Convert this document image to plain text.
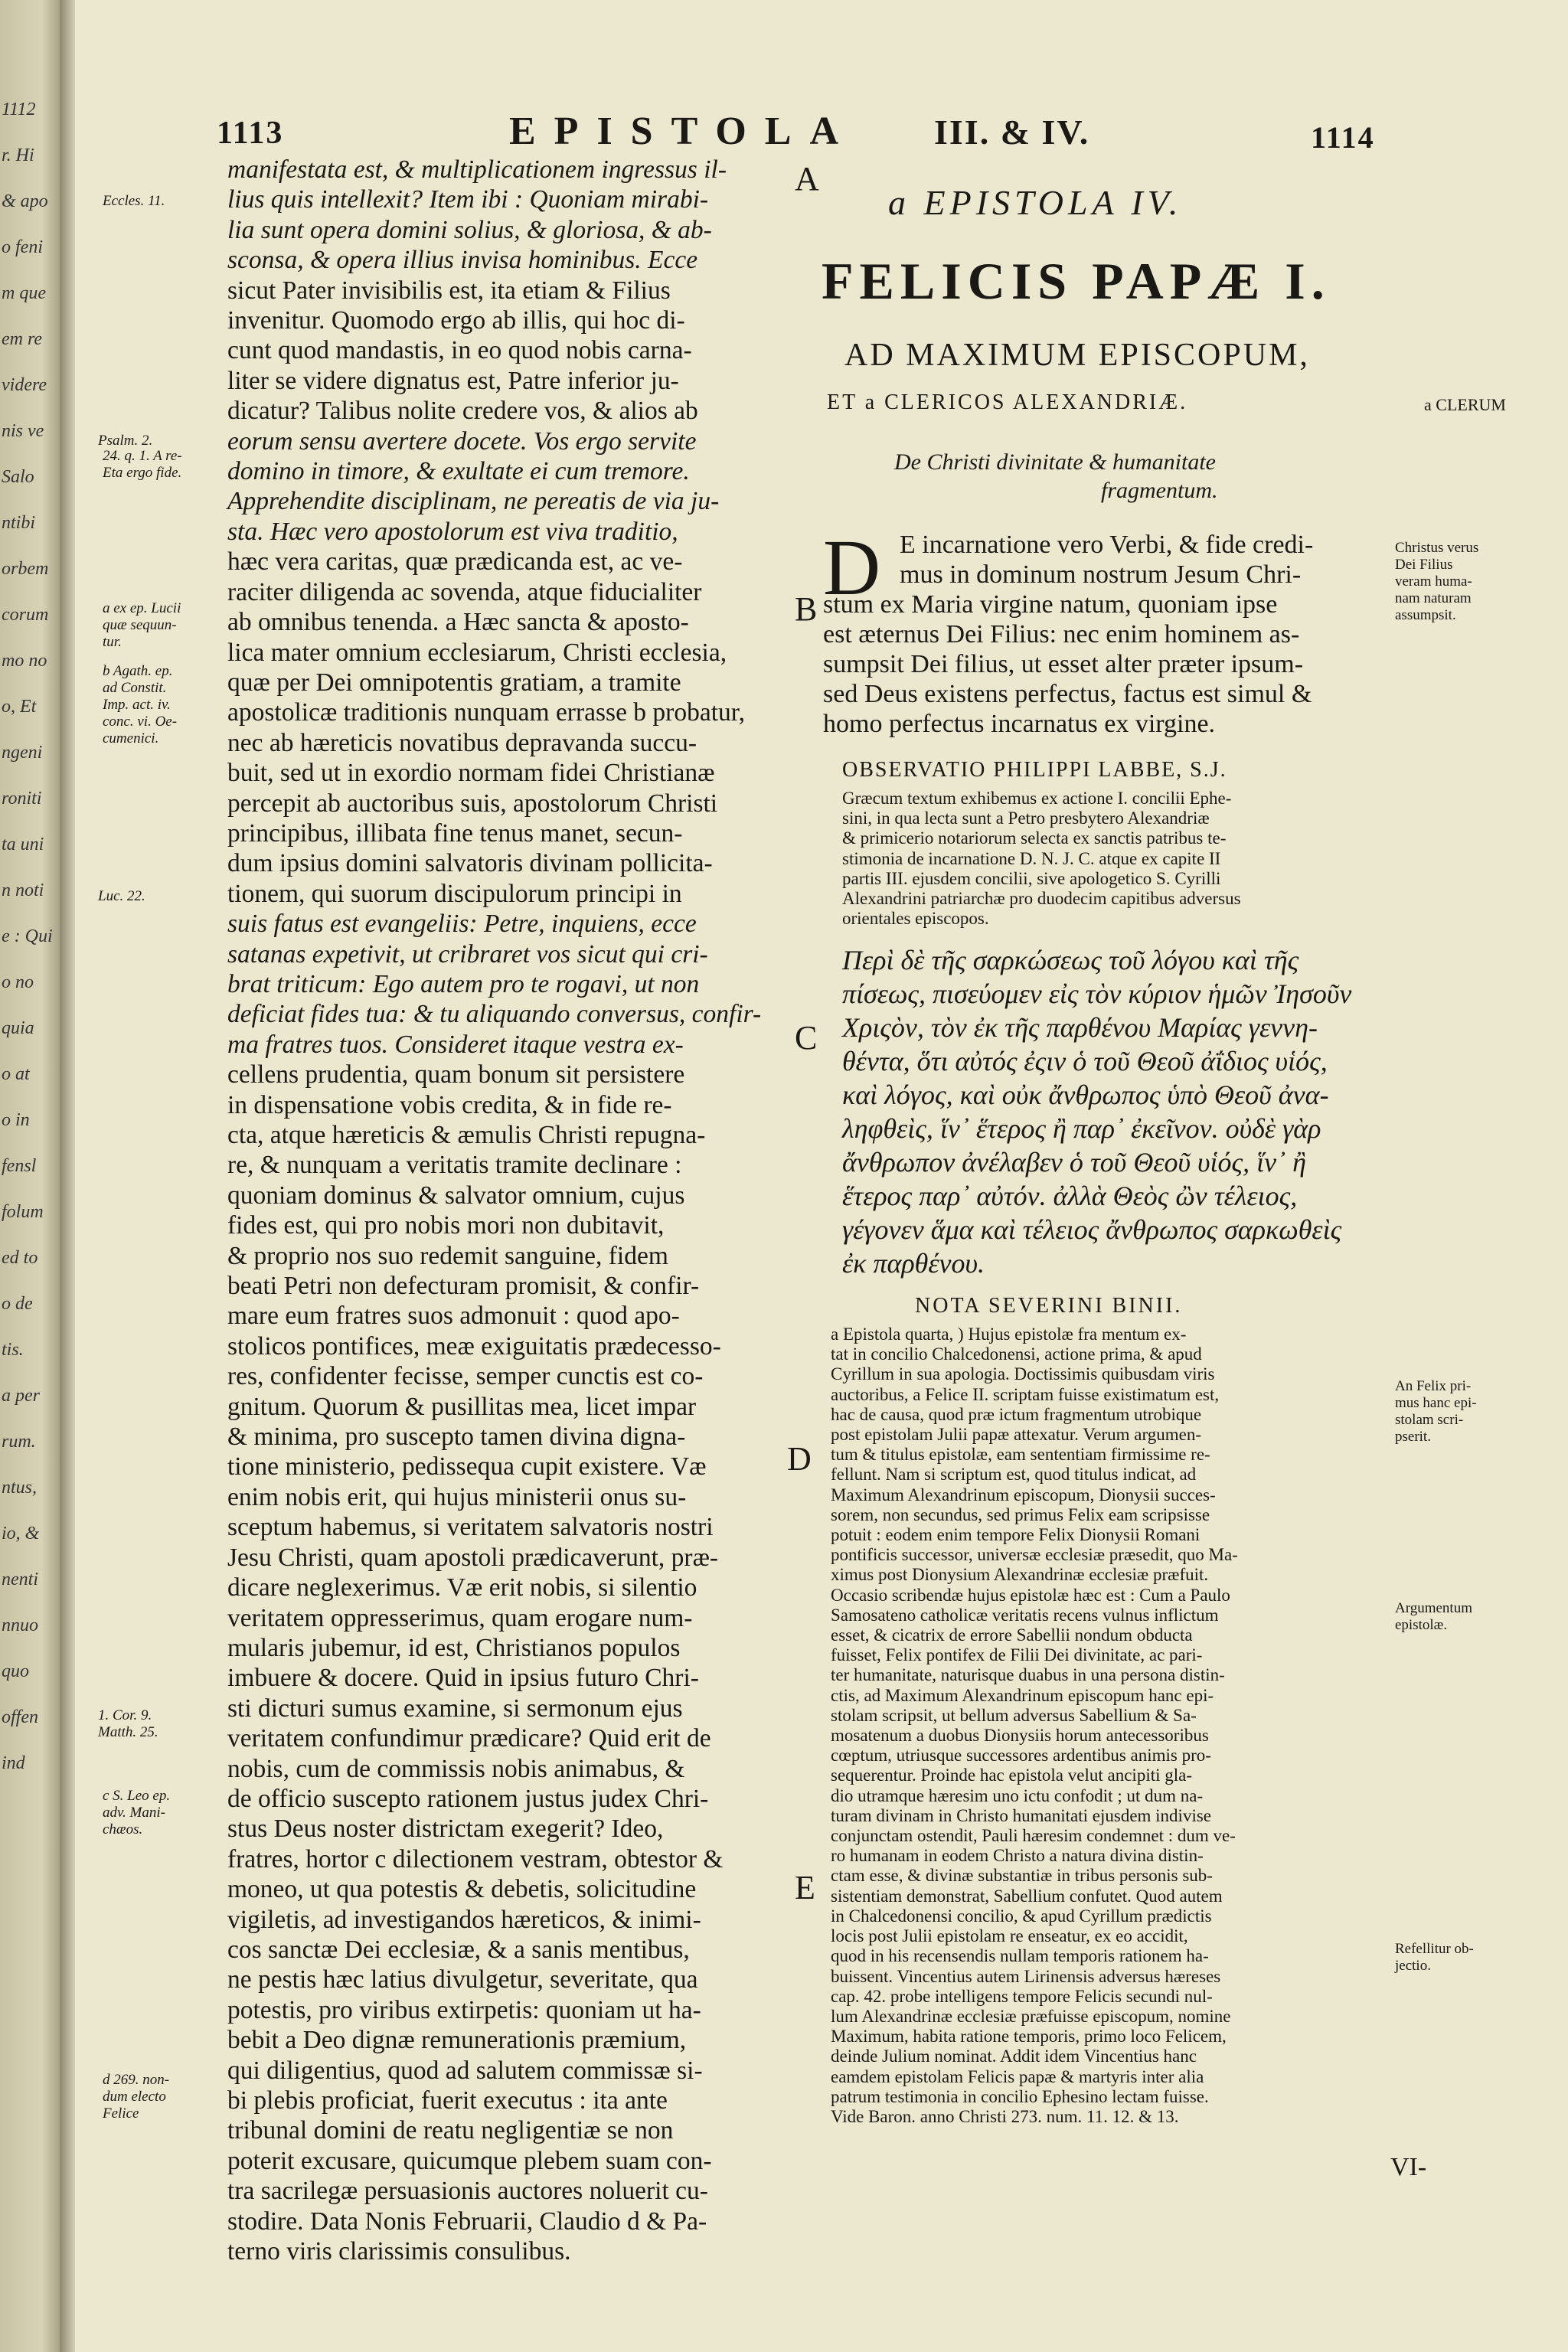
1112
r. Hi
& apo
o feni
m que
em re
videre
nis ve
Salo
ntibi
orbem
corum
mo no
o, Et
ngeni
roniti
ta uni
n noti
e : Qui
o no
quia
o at
o in
fensl
folum
ed to
o de
tis.
a per
rum.
ntus,
io, &
nenti
nnuo
quo
offen
ind
1113	EPISTOLA III. & IV.	1114
Eccles. 11.
Psalm. 2.
24. q. 1. A re-
Eta ergo fide.
a ex ep. Lucii
quæ sequun-
tur.
b Agath. ep.
ad Constit.
Imp. act. iv.
conc. vi. Oe-
cumenici.
Luc. 22.
1. Cor. 9.
Matth. 25.
c S. Leo ep.
adv. Mani-
chæos.
d 269. non-
dum electo
Felice
manifestata est, & multiplicationem ingressus il-
lius quis intellexit? Item ibi : Quoniam mirabi-
lia sunt opera domini solius, & gloriosa, & ab-
sconsa, & opera illius invisa hominibus. Ecce
sicut Pater invisibilis est, ita etiam & Filius
invenitur. Quomodo ergo ab illis, qui hoc di-
cunt quod mandastis, in eo quod nobis carna-
liter se videre dignatus est, Patre inferior ju-
dicatur? Talibus nolite credere vos, & alios ab
eorum sensu avertere docete. Vos ergo servite
domino in timore, & exultate ei cum tremore.
Apprehendite disciplinam, ne pereatis de via ju-
sta. Hæc vero apostolorum est viva traditio,
hæc vera caritas, quæ prædicanda est, ac ve-
raciter diligenda ac sovenda, atque fiducialiter
ab omnibus tenenda. a Hæc sancta & aposto-
lica mater omnium ecclesiarum, Christi ecclesia,
quæ per Dei omnipotentis gratiam, a tramite
apostolicæ traditionis nunquam errasse b probatur,
nec ab hæreticis novatibus depravanda succu-
buit, sed ut in exordio normam fidei Christianæ
percepit ab auctoribus suis, apostolorum Christi
principibus, illibata fine tenus manet, secun-
dum ipsius domini salvatoris divinam pollicita-
tionem, qui suorum discipulorum principi in
suis fatus est evangeliis: Petre, inquiens, ecce
satanas expetivit, ut cribraret vos sicut qui cri-
brat triticum: Ego autem pro te rogavi, ut non
deficiat fides tua: & tu aliquando conversus, confir-
ma fratres tuos. Consideret itaque vestra ex-
cellens prudentia, quam bonum sit persistere
in dispensatione vobis credita, & in fide re-
cta, atque hæreticis & æmulis Christi repugna-
re, & nunquam a veritatis tramite declinare :
quoniam dominus & salvator omnium, cujus
fides est, qui pro nobis mori non dubitavit,
& proprio nos suo redemit sanguine, fidem
beati Petri non defecturam promisit, & confir-
mare eum fratres suos admonuit : quod apo-
stolicos pontifices, meæ exiguitatis prædecesso-
res, confidenter fecisse, semper cunctis est co-
gnitum. Quorum & pusillitas mea, licet impar
& minima, pro suscepto tamen divina digna-
tione ministerio, pedissequa cupit existere. Væ
enim nobis erit, qui hujus ministerii onus su-
sceptum habemus, si veritatem salvatoris nostri
Jesu Christi, quam apostoli prædicaverunt, præ-
dicare neglexerimus. Væ erit nobis, si silentio
veritatem oppresserimus, quam erogare num-
mularis jubemur, id est, Christianos populos
imbuere & docere. Quid in ipsius futuro Chri-
sti dicturi sumus examine, si sermonum ejus
veritatem confundimur prædicare? Quid erit de
nobis, cum de commissis nobis animabus, &
de officio suscepto rationem justus judex Chri-
stus Deus noster districtam exegerit? Ideo,
fratres, hortor c dilectionem vestram, obtestor &
moneo, ut qua potestis & debetis, solicitudine
vigiletis, ad investigandos hæreticos, & inimi-
cos sanctæ Dei ecclesiæ, & a sanis mentibus,
ne pestis hæc latius divulgetur, severitate, qua
potestis, pro viribus extirpetis: quoniam ut ha-
bebit a Deo dignæ remunerationis præmium,
qui diligentius, quod ad salutem commissæ si-
bi plebis proficiat, fuerit executus : ita ante
tribunal domini de reatu negligentiæ se non
poterit excusare, quicumque plebem suam con-
tra sacrilegæ persuasionis auctores noluerit cu-
stodire. Data Nonis Februarii, Claudio d & Pa-
terno viris clarissimis consulibus.
A
B
C
D
E
a EPISTOLA IV.
FELICIS PAPÆ I.
AD MAXIMUM EPISCOPUM,
ET a CLERICOS ALEXANDRIÆ.	a CLERUM
De Christi divinitate & humanitate
fragmentum.
D E incarnatione vero Verbi, & fide credi-
mus in dominum nostrum Jesum Chri-
stum ex Maria virgine natum, quoniam ipse
est æternus Dei Filius: nec enim hominem as-
sumpsit Dei filius, ut esset alter præter ipsum-
sed Deus existens perfectus, factus est simul &
homo perfectus incarnatus ex virgine.
Christus verus
Dei Filius
veram huma-
nam naturam
assumpsit.
An Felix pri-
mus hanc epi-
stolam scri-
pserit.
Argumentum
epistolæ.
Refellitur ob-
jectio.
OBSERVATIO PHILIPPI LABBE, S.J.
Græcum textum exhibemus ex actione I. concilii Ephe-
sini, in qua lecta sunt a Petro presbytero Alexandriæ
& primicerio notariorum selecta ex sanctis patribus te-
stimonia de incarnatione D. N. J. C. atque ex capite II
partis III. ejusdem concilii, sive apologetico S. Cyrilli
Alexandrini patriarchæ pro duodecim capitibus adversus
orientales episcopos.
Περὶ δὲ τῆς σαρκώσεως τοῦ λόγου καὶ τῆς
πίσεως, πισεύομεν εἰς τὸν κύριον ἡμῶν Ἰησοῦν
Χριςὸν, τὸν ἐκ τῆς παρθένου Μαρίας γεννη-
θέντα, ὅτι αὐτός ἐςιν ὁ τοῦ Θεοῦ ἀΐδιος υἱός,
καὶ λόγος, καὶ οὐκ ἄνθρωπος ὑπὸ Θεοῦ ἀνα-
ληφθεὶς, ἵν᾽ ἕτερος ἢ παρ᾽ ἐκεῖνον. οὐδὲ γὰρ
ἄνθρωπον ἀνέλαβεν ὁ τοῦ Θεοῦ υἱός, ἵν᾽ ἢ
ἕτερος παρ᾽ αὐτόν. ἀλλὰ Θεὸς ὢν τέλειος,
γέγονεν ἅμα καὶ τέλειος ἄνθρωπος σαρκωθεὶς
ἐκ παρθένου.
NOTA SEVERINI BINII.
a Epistola quarta, ) Hujus epistolæ fra mentum ex-
tat in concilio Chalcedonensi, actione prima, & apud
Cyrillum in sua apologia. Doctissimis quibusdam viris
auctoribus, a Felice II. scriptam fuisse existimatum est,
hac de causa, quod præ ictum fragmentum utrobique
post epistolam Julii papæ attexatur. Verum argumen-
tum & titulus epistolæ, eam sententiam firmissime re-
fellunt. Nam si scriptum est, quod titulus indicat, ad
Maximum Alexandrinum episcopum, Dionysii succes-
sorem, non secundus, sed primus Felix eam scripsisse
potuit : eodem enim tempore Felix Dionysii Romani
pontificis successor, universæ ecclesiæ præsedit, quo Ma-
ximus post Dionysium Alexandrinæ ecclesiæ præfuit.
Occasio scribendæ hujus epistolæ hæc est : Cum a Paulo
Samosateno catholicæ veritatis recens vulnus inflictum
esset, & cicatrix de errore Sabellii nondum obducta
fuisset, Felix pontifex de Filii Dei divinitate, ac pari-
ter humanitate, naturisque duabus in una persona distin-
ctis, ad Maximum Alexandrinum episcopum hanc epi-
stolam scripsit, ut bellum adversus Sabellium & Sa-
mosatenum a duobus Dionysiis horum antecessoribus
cœptum, utriusque successores ardentibus animis pro-
sequerentur. Proinde hac epistola velut ancipiti gla-
dio utramque hæresim uno ictu confodit ; ut dum na-
turam divinam in Christo humanitati ejusdem indivise
conjunctam ostendit, Pauli hæresim condemnet : dum ve-
ro humanam in eodem Christo a natura divina distin-
ctam esse, & divinæ substantiæ in tribus personis sub-
sistentiam demonstrat, Sabellium confutet. Quod autem
in Chalcedonensi concilio, & apud Cyrillum prædictis
locis post Julii epistolam re enseatur, ex eo accidit,
quod in his recensendis nullam temporis rationem ha-
buissent. Vincentius autem Lirinensis adversus hæreses
cap. 42. probe intelligens tempore Felicis secundi nul-
lum Alexandrinæ ecclesiæ præfuisse episcopum, nomine
Maximum, habita ratione temporis, primo loco Felicem,
deinde Julium nominat. Addit idem Vincentius hanc
eamdem epistolam Felicis papæ & martyris inter alia
patrum testimonia in concilio Ephesino lectam fuisse.
Vide Baron. anno Christi 273. num. 11. 12. & 13.
VI-
